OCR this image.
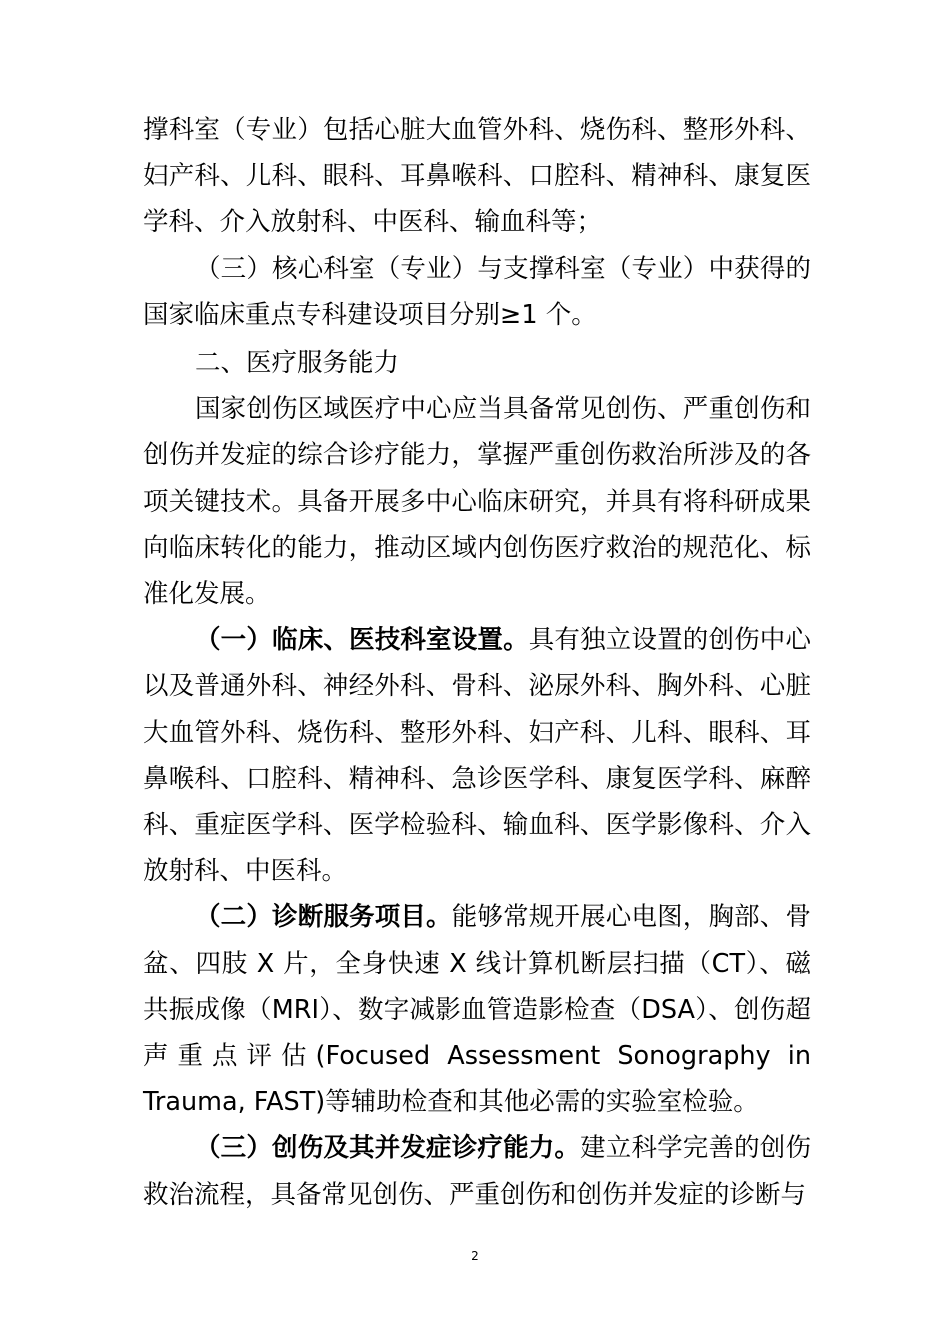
撑科室（专业）包括心脏大血管外科、烧伤科、整形外科、妇产科、儿科、眼科、耳鼻喉科、口腔科、精神科、康复医学科、介入放射科、中医科、输血科等；

（三）核心科室（专业）与支撑科室（专业）中获得的国家临床重点专科建设项目分别≥1 个。

二、医疗服务能力

国家创伤区域医疗中心应当具备常见创伤、严重创伤和创伤并发症的综合诊疗能力，掌握严重创伤救治所涉及的各项关键技术。具备开展多中心临床研究，并具有将科研成果向临床转化的能力，推动区域内创伤医疗救治的规范化、标准化发展。

（一）临床、医技科室设置。具有独立设置的创伤中心以及普通外科、神经外科、骨科、泌尿外科、胸外科、心脏大血管外科、烧伤科、整形外科、妇产科、儿科、眼科、耳鼻喉科、口腔科、精神科、急诊医学科、康复医学科、麻醉科、重症医学科、医学检验科、输血科、医学影像科、介入放射科、中医科。

（二）诊断服务项目。能够常规开展心电图，胸部、骨盆、四肢 X 片，全身快速 X 线计算机断层扫描（CT）、磁共振成像（MRI）、数字减影血管造影检查（DSA）、创伤超声重点评估(Focused Assessment Sonography in Trauma, FAST)等辅助检查和其他必需的实验室检验。

（三）创伤及其并发症诊疗能力。建立科学完善的创伤救治流程，具备常见创伤、严重创伤和创伤并发症的诊断与

2
